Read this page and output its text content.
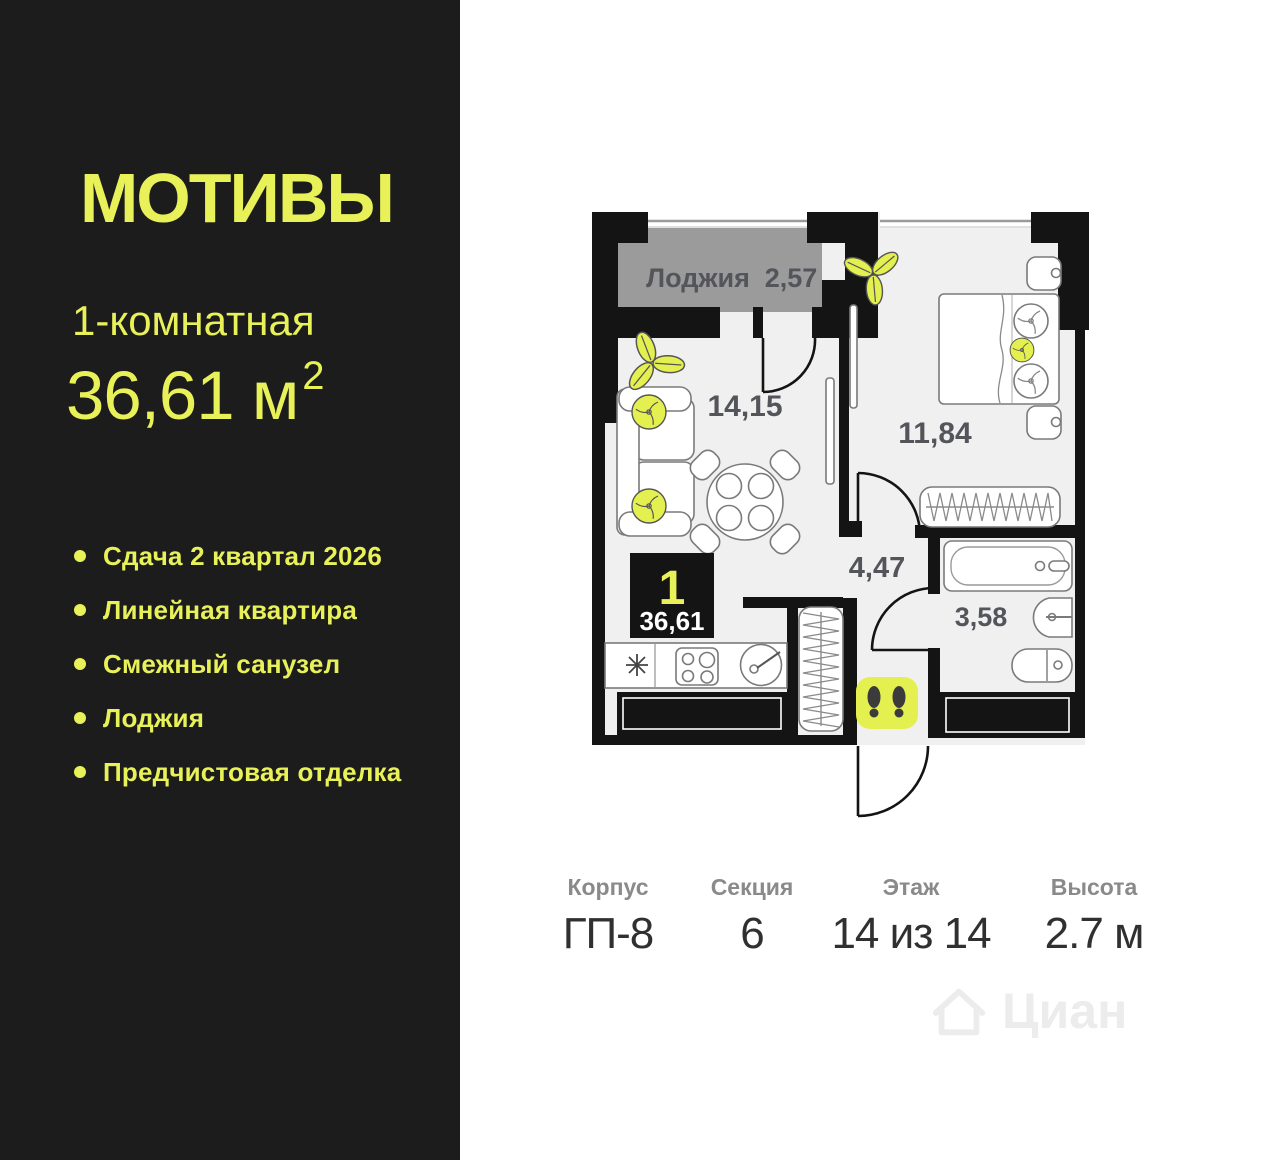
МОТИВЫ
1-комнатная
36,61 м $^2$
Сдача 2 квартал 2026
Линейная квартира
Смежный санузел
Лоджия
Предчистовая отделка
1
36,61
Лоджия 2,57
14,15
11,84
4,47
3,58
Корпус
ГП-8
Секция
6
Этаж
14 из 14
Высота
2.7 м
Циан
